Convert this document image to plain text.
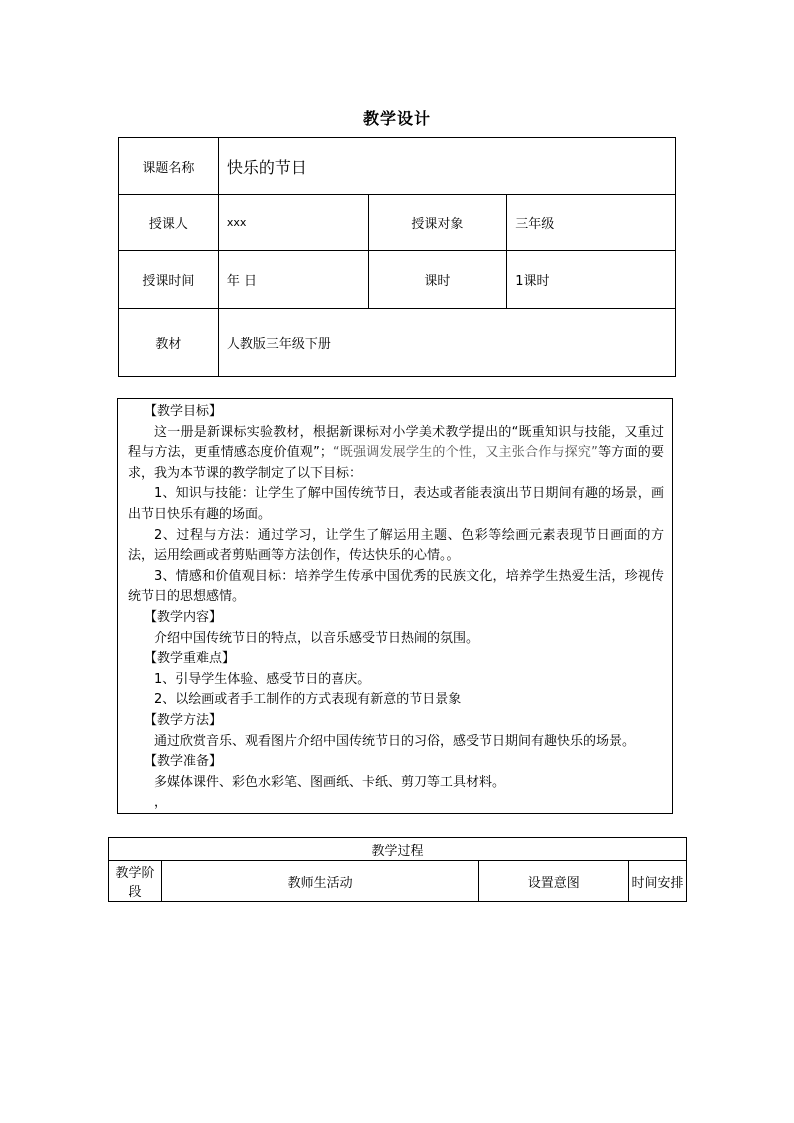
教学设计
课题名称	快乐的节日		
授课人	xxx	授课对象	三年级
授课时间	年 日	课时	1课时
教材	人教版三年级下册		

【教学目标】

这一册是新课标实验教材，根据新课标对小学美术教学提出的“既重知识与技能，又重过程与方法，更重情感态度价值观”；“既强调发展学生的个性，又主张合作与探究”等方面的要求，我为本节课的教学制定了以下目标：

1、知识与技能：让学生了解中国传统节日，表达或者能表演出节日期间有趣的场景，画出节日快乐有趣的场面。

2、过程与方法：通过学习，让学生了解运用主题、色彩等绘画元素表现节日画面的方法，运用绘画或者剪贴画等方法创作，传达快乐的心情。。

3、情感和价值观目标：培养学生传承中国优秀的民族文化，培养学生热爱生活，珍视传统节日的思想感情。

【教学内容】

介绍中国传统节日的特点，以音乐感受节日热闹的氛围。

【教学重难点】

1、引导学生体验、感受节日的喜庆。

2、以绘画或者手工制作的方式表现有新意的节日景象

【教学方法】

通过欣赏音乐、观看图片介绍中国传统节日的习俗，感受节日期间有趣快乐的场景。

【教学准备】

多媒体课件、彩色水彩笔、图画纸、卡纸、剪刀等工具材料。

，

教学过程
教学阶段	教师生活动	设置意图	时间安排
